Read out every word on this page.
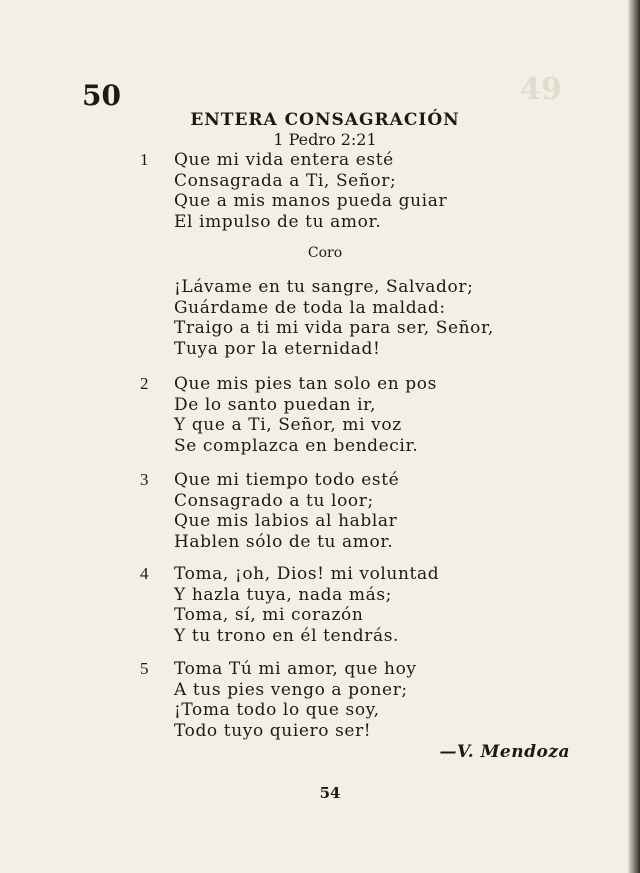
49
50
ENTERA CONSAGRACIÓN
1 Pedro 2:21
1	Que mi vida entera esté
Consagrada a Ti, Señor;
Que a mis manos pueda guiar
El impulso de tu amor.
Coro
¡Lávame en tu sangre, Salvador;
Guárdame de toda la maldad:
Traigo a ti mi vida para ser, Señor,
Tuya por la eternidad!
2	Que mis pies tan solo en pos
De lo santo puedan ir,
Y que a Ti, Señor, mi voz
Se complazca en bendecir.
3	Que mi tiempo todo esté
Consagrado a tu loor;
Que mis labios al hablar
Hablen sólo de tu amor.
4	Toma, ¡oh, Dios! mi voluntad
Y hazla tuya, nada más;
Toma, sí, mi corazón
Y tu trono en él tendrás.
5	Toma Tú mi amor, que hoy
A tus pies vengo a poner;
¡Toma todo lo que soy,
Todo tuyo quiero ser!
—V. Mendoza
54
